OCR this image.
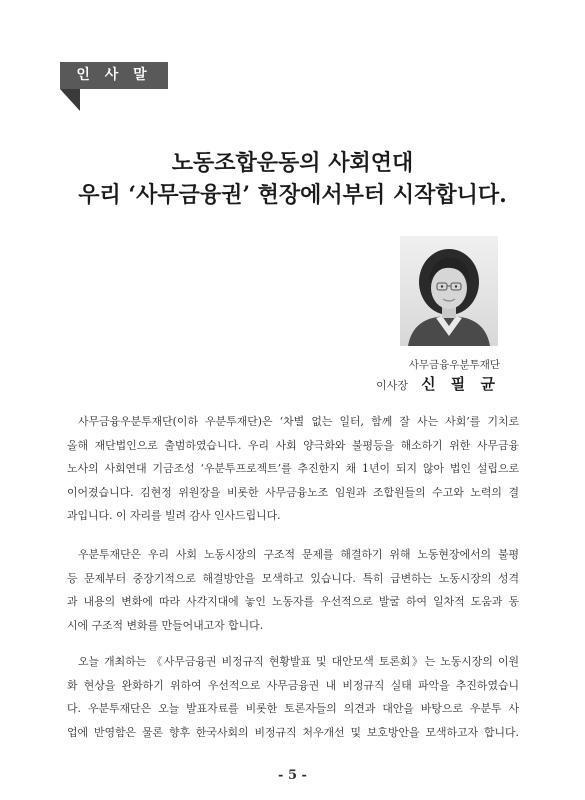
인 사 말
노동조합운동의 사회연대
우리 ‘사무금융권’ 현장에서부터 시작합니다.
사무금융우분투재단
이사장 신 필 균
사무금융우분투재단(이하 우분투재단)은 ‘차별 없는 일터, 함께 잘 사는 사회’를 기치로
올해 재단법인으로 출범하였습니다. 우리 사회 양극화와 불평등을 해소하기 위한 사무금융
노사의 사회연대 기금조성 ‘우분투프로젝트’를 추진한지 채 1년이 되지 않아 법인 설립으로
이어졌습니다. 김현정 위원장을 비롯한 사무금융노조 임원과 조합원들의 수고와 노력의 결
과입니다. 이 자리를 빌려 감사 인사드립니다.
우분투재단은 우리 사회 노동시장의 구조적 문제를 해결하기 위해 노동현장에서의 불평
등 문제부터 중장기적으로 해결방안을 모색하고 있습니다. 특히 급변하는 노동시장의 성격
과 내용의 변화에 따라 사각지대에 놓인 노동자를 우선적으로 발굴 하여 일차적 도움과 동
시에 구조적 변화를 만들어내고자 합니다.
오늘 개최하는 《사무금융권 비정규직 현황발표 및 대안모색 토론회》는 노동시장의 이원
화 현상을 완화하기 위하여 우선적으로 사무금융권 내 비정규직 실태 파악을 추진하였습니
다. 우분투재단은 오늘 발표자료를 비롯한 토론자들의 의견과 대안을 바탕으로 우분투 사
업에 반영함은 물론 향후 한국사회의 비정규직 처우개선 및 보호방안을 모색하고자 합니다.
- 5 -
